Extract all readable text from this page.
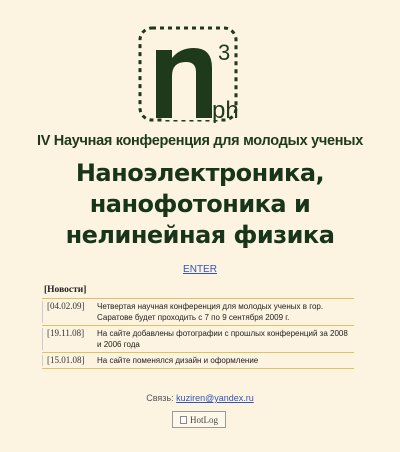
3
ph
IV Научная конференция для молодых ученых
Наноэлектроника,
нанофотоника и
нелинейная физика
ENTER
[Новости]
[04.02.09]	Четвертая научная конференция для молодых ученых в гор. Саратове будет проходить с 7 по 9 сентября 2009 г.
[19.11.08]	На сайте добавлены фотографии с прошлых конференций за 2008 и 2006 года
[15.01.08]	На сайте поменялся дизайн и оформление
Связь: kuziren@yandex.ru
HotLog
